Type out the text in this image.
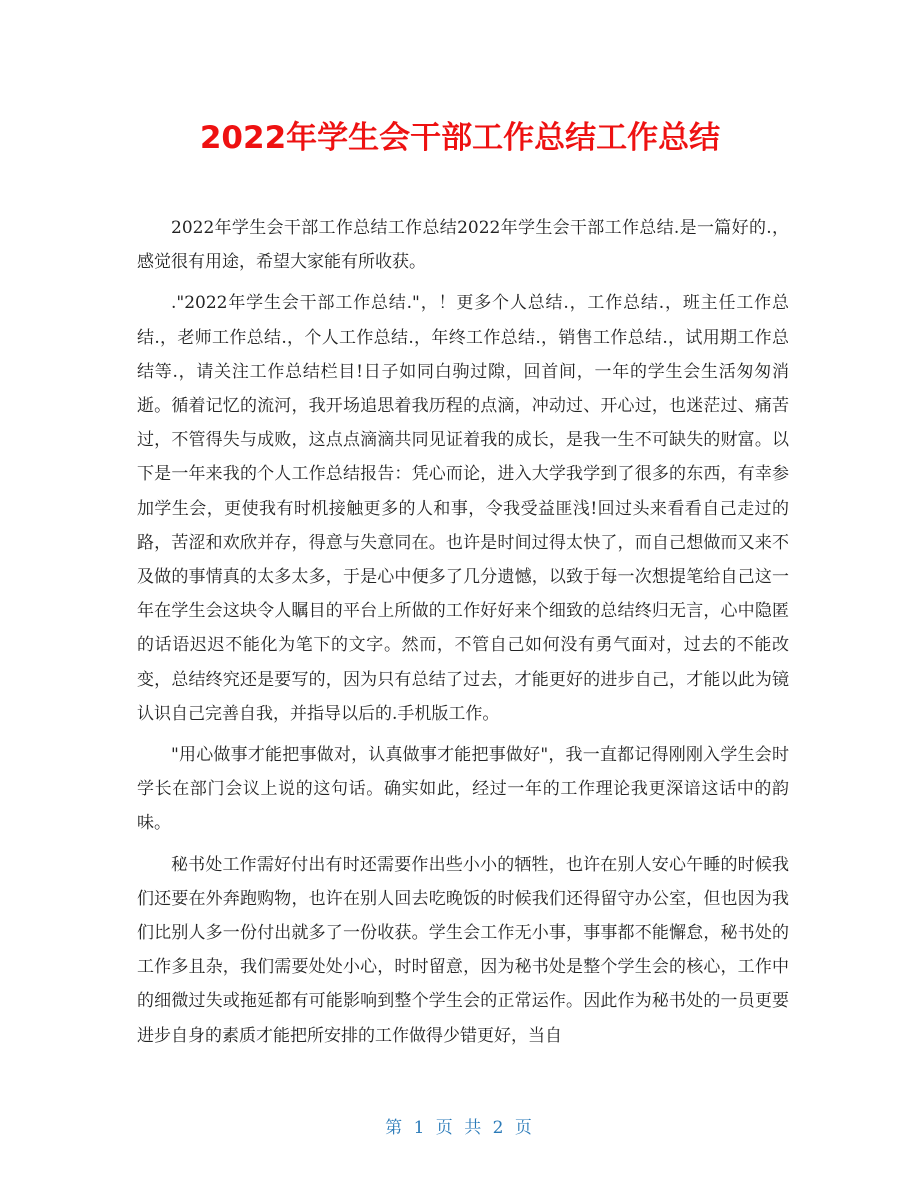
2022年学生会干部工作总结工作总结

2022年学生会干部工作总结工作总结2022年学生会干部工作总结.是一篇好的.，感觉很有用途，希望大家能有所收获。

."2022年学生会干部工作总结."，！更多个人总结.，工作总结.，班主任工作总结.，老师工作总结.，个人工作总结.，年终工作总结.，销售工作总结.，试用期工作总结等.，请关注工作总结栏目!日子如同白驹过隙，回首间，一年的学生会生活匆匆消逝。循着记忆的流河，我开场追思着我历程的点滴，冲动过、开心过，也迷茫过、痛苦过，不管得失与成败，这点点滴滴共同见证着我的成长，是我一生不可缺失的财富。以下是一年来我的个人工作总结报告：凭心而论，进入大学我学到了很多的东西，有幸参加学生会，更使我有时机接触更多的人和事，令我受益匪浅!回过头来看看自己走过的路，苦涩和欢欣并存，得意与失意同在。也许是时间过得太快了，而自己想做而又来不及做的事情真的太多太多，于是心中便多了几分遗憾，以致于每一次想提笔给自己这一年在学生会这块令人瞩目的平台上所做的工作好好来个细致的总结终归无言，心中隐匿的话语迟迟不能化为笔下的文字。然而，不管自己如何没有勇气面对，过去的不能改变，总结终究还是要写的，因为只有总结了过去，才能更好的进步自己，才能以此为镜认识自己完善自我，并指导以后的.手机版工作。

"用心做事才能把事做对，认真做事才能把事做好"，我一直都记得刚刚入学生会时学长在部门会议上说的这句话。确实如此，经过一年的工作理论我更深谙这话中的韵味。

秘书处工作需好付出有时还需要作出些小小的牺牲，也许在别人安心午睡的时候我们还要在外奔跑购物，也许在别人回去吃晚饭的时候我们还得留守办公室，但也因为我们比别人多一份付出就多了一份收获。学生会工作无小事，事事都不能懈怠，秘书处的工作多且杂，我们需要处处小心，时时留意，因为秘书处是整个学生会的核心，工作中的细微过失或拖延都有可能影响到整个学生会的正常运作。因此作为秘书处的一员更要进步自身的素质才能把所安排的工作做得少错更好，当自

第 1 页 共 2 页
